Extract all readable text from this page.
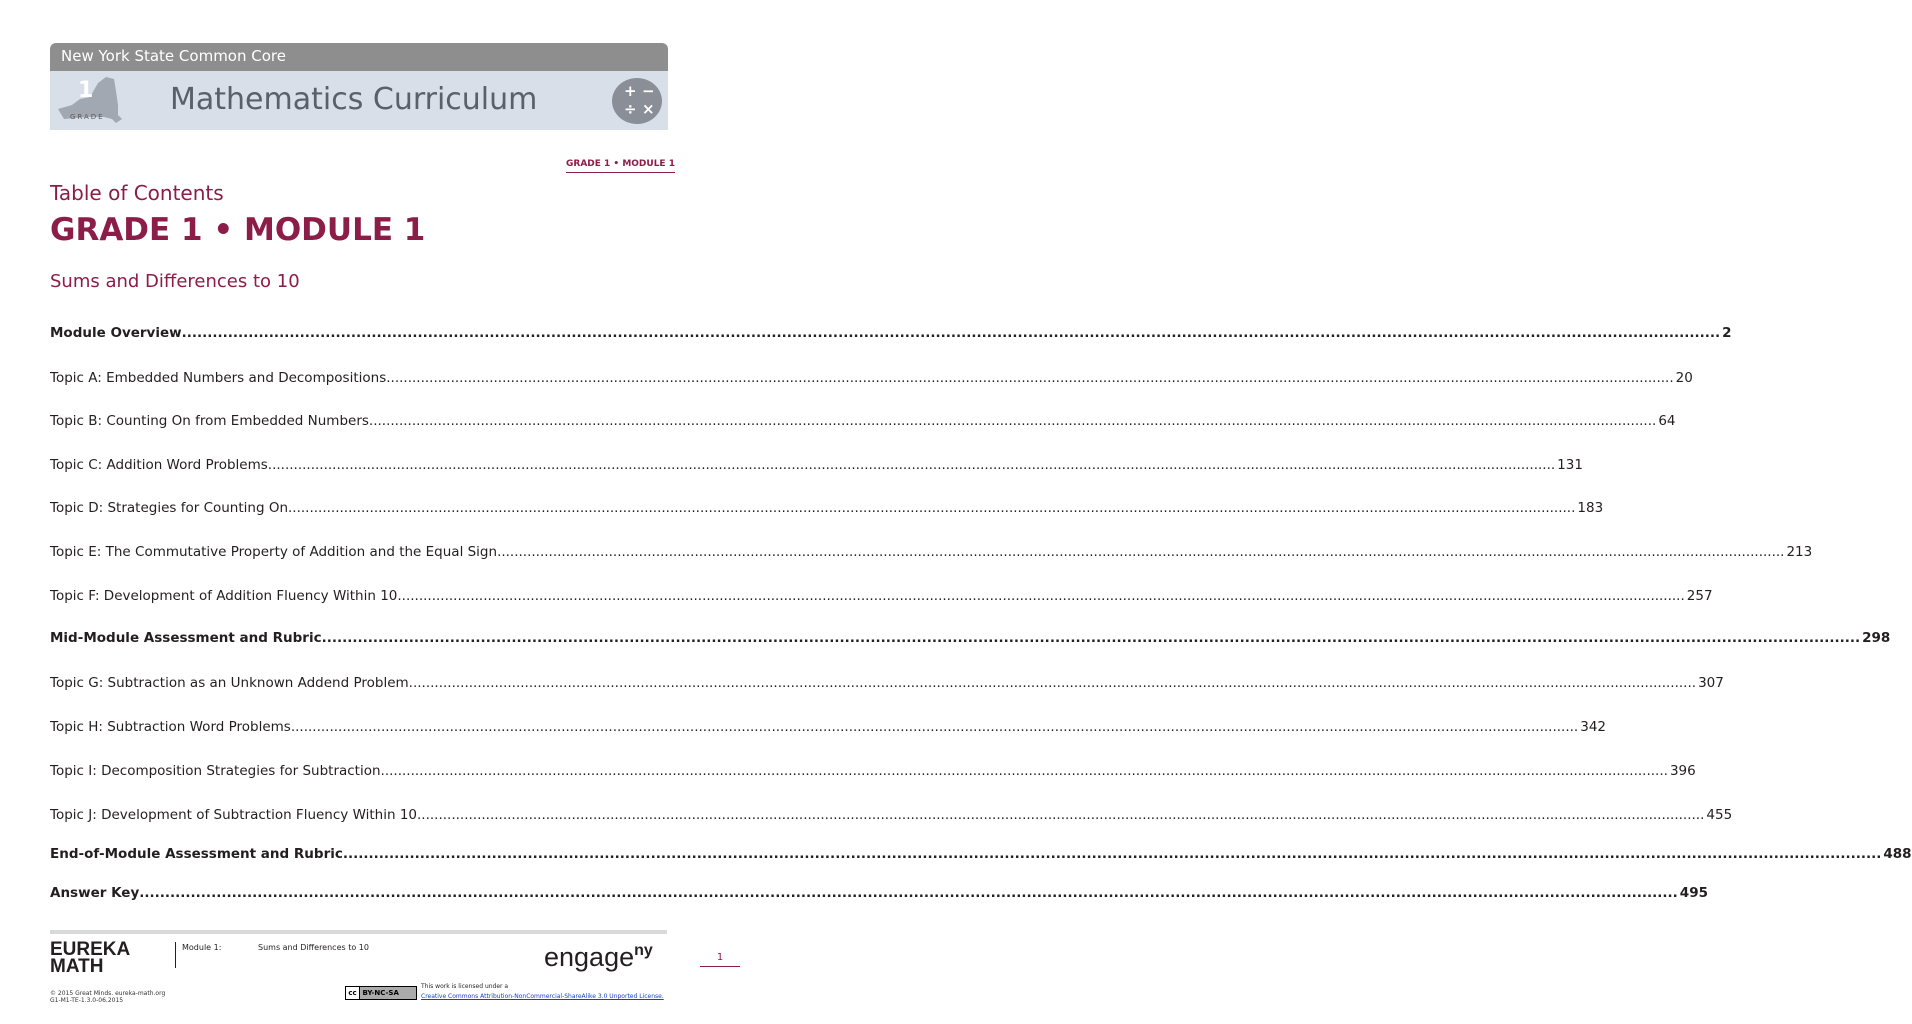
New York State Common Core
1
GRADE Mathematics Curriculum	+ −
÷ ×
GRADE 1 • MODULE 1
Table of Contents
GRADE 1 • MODULE 1
Sums and Differences to 10
Module Overview ............................................................................................................................................................................................................................................................................................................ 2
Topic A: Embedded Numbers and Decompositions ............................................................................................................................................................................................................................................................................................................ 20
Topic B: Counting On from Embedded Numbers ............................................................................................................................................................................................................................................................................................................ 64
Topic C: Addition Word Problems ............................................................................................................................................................................................................................................................................................................ 131
Topic D: Strategies for Counting On ............................................................................................................................................................................................................................................................................................................ 183
Topic E: The Commutative Property of Addition and the Equal Sign ............................................................................................................................................................................................................................................................................................................ 213
Topic F: Development of Addition Fluency Within 10 ............................................................................................................................................................................................................................................................................................................ 257
Mid-Module Assessment and Rubric ............................................................................................................................................................................................................................................................................................................ 298
Topic G: Subtraction as an Unknown Addend Problem ............................................................................................................................................................................................................................................................................................................ 307
Topic H: Subtraction Word Problems ............................................................................................................................................................................................................................................................................................................ 342
Topic I: Decomposition Strategies for Subtraction ............................................................................................................................................................................................................................................................................................................ 396
Topic J: Development of Subtraction Fluency Within 10 ............................................................................................................................................................................................................................................................................................................ 455
End-of-Module Assessment and Rubric ............................................................................................................................................................................................................................................................................................................ 488
Answer Key ............................................................................................................................................................................................................................................................................................................ 495
EUREKA
MATH
Module 1:	Sums and Differences to 10	engage$^{ny}$	1
© 2015 Great Minds. eureka-math.org
G1-M1-TE-1.3.0-06.2015
cc BY-NC-SA
This work is licensed under a
Creative Commons Attribution-NonCommercial-ShareAlike 3.0 Unported License.
